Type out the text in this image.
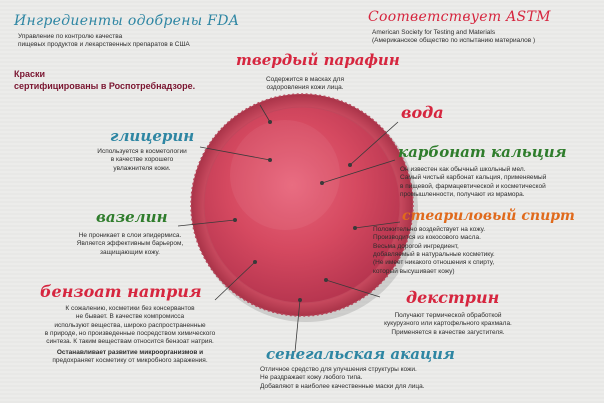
Ингредиенты одобрены FDA
Управление по контролю качества
пищевых продуктов и лекарственных препаратов в США
Краски
сертифицированы в Роспотребнадзоре.
Соответствует ASTM
American Society for Testing and Materials
(Американское общество по испытанию материалов )
твердый парафин
Содержится в масках для
оздоровления кожи лица.
вода
карбонат кальция
Он известен как обычный школьный мел.
Самый чистый карбонат кальция, применяемый
в пищевой, фармацевтической и косметической
промышленности, получают из мрамора.
глицерин
Используется в косметологии
в качестве хорошего
увлажнителя кожи.
вазелин
Не проникает в слои эпидермиса.
Является эффективным барьером,
защищающим кожу.
стеариловый спирт
Положительно воздействует на кожу.
Производится из кокосового масла.
Весьма дорогой ингредиент,
добавляемый в натуральные косметику.
(Не имеет никакого отношения к спирту,
который высушивает кожу)
бензоат натрия
К сожалению, косметики без консервантов
не бывает. В качестве компромисса
используют вещества, широко распространенные
в природе, но произведенные посредством химического
синтеза. К таким веществам относится бензоат натрия.
Останавливает развитие микроорганизмов и
предохраняет косметику от микробного заражения.
декстрин
Получают термической обработкой
кукурузного или картофельного крахмала.
Применяется в качестве загустителя.
сенегальская акация
Отличное средство для улучшения структуры кожи.
Не раздражает кожу любого типа.
Добавляют в наиболее качественные маски для лица.
